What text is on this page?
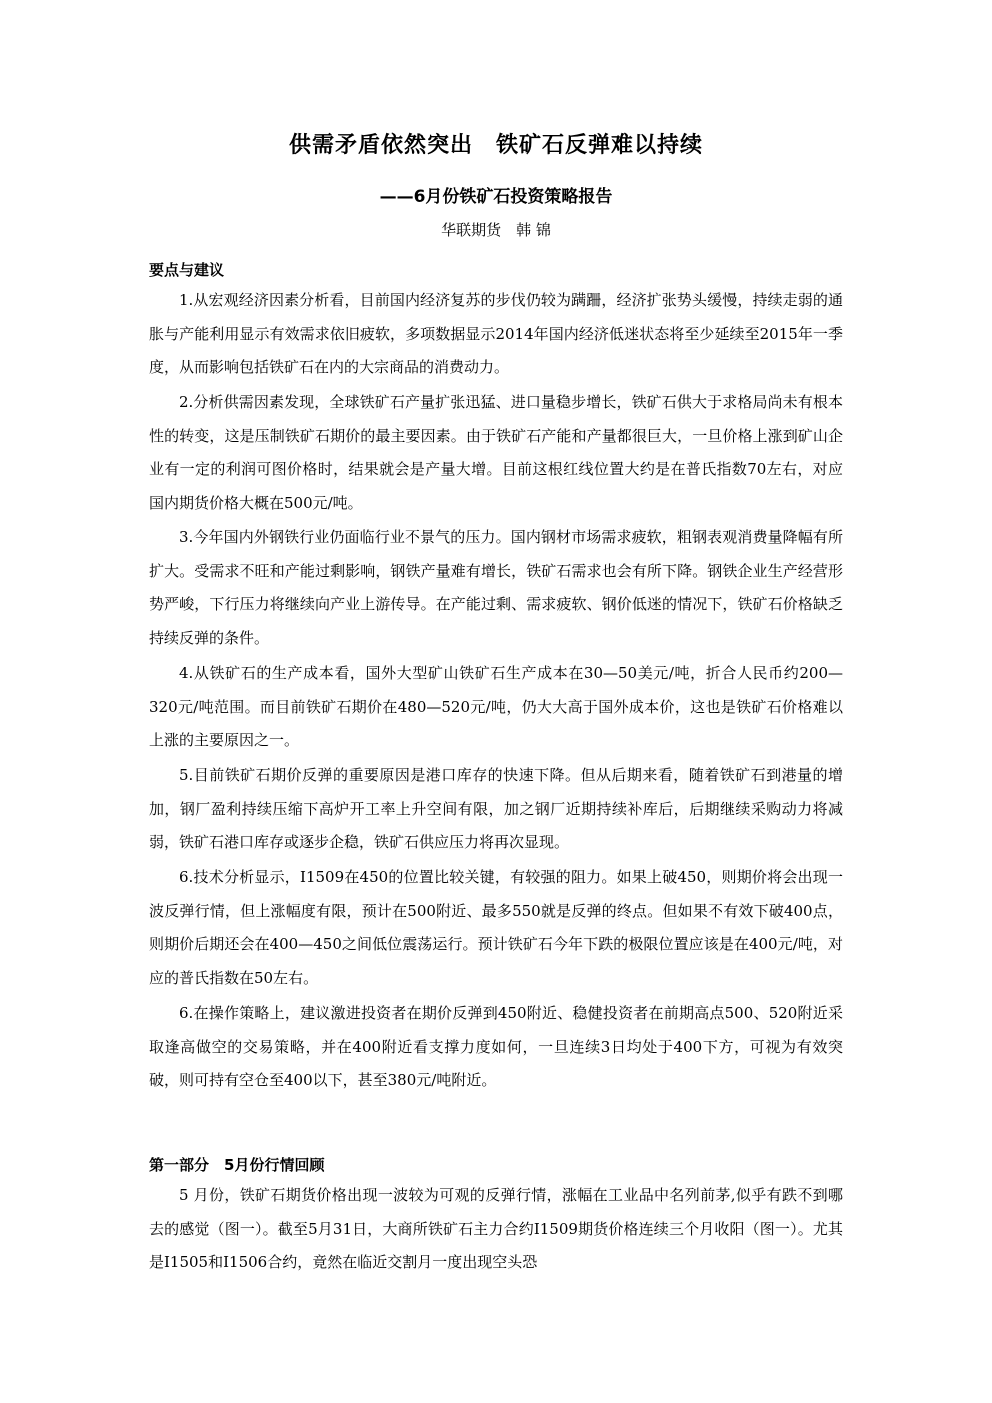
供需矛盾依然突出　铁矿石反弹难以持续
——6月份铁矿石投资策略报告
华联期货　韩 锦
要点与建议

1.从宏观经济因素分析看，目前国内经济复苏的步伐仍较为蹒跚，经济扩张势头缓慢，持续走弱的通胀与产能利用显示有效需求依旧疲软，多项数据显示2014年国内经济低迷状态将至少延续至2015年一季度，从而影响包括铁矿石在内的大宗商品的消费动力。

2.分析供需因素发现，全球铁矿石产量扩张迅猛、进口量稳步增长，铁矿石供大于求格局尚未有根本性的转变，这是压制铁矿石期价的最主要因素。由于铁矿石产能和产量都很巨大，一旦价格上涨到矿山企业有一定的利润可图价格时，结果就会是产量大增。目前这根红线位置大约是在普氏指数70左右，对应国内期货价格大概在500元/吨。

3.今年国内外钢铁行业仍面临行业不景气的压力。国内钢材市场需求疲软，粗钢表观消费量降幅有所扩大。受需求不旺和产能过剩影响，钢铁产量难有增长，铁矿石需求也会有所下降。钢铁企业生产经营形势严峻，下行压力将继续向产业上游传导。在产能过剩、需求疲软、钢价低迷的情况下，铁矿石价格缺乏持续反弹的条件。

4.从铁矿石的生产成本看，国外大型矿山铁矿石生产成本在30—50美元/吨，折合人民币约200—320元/吨范围。而目前铁矿石期价在480—520元/吨，仍大大高于国外成本价，这也是铁矿石价格难以上涨的主要原因之一。

5.目前铁矿石期价反弹的重要原因是港口库存的快速下降。但从后期来看，随着铁矿石到港量的增加，钢厂盈利持续压缩下高炉开工率上升空间有限，加之钢厂近期持续补库后，后期继续采购动力将减弱，铁矿石港口库存或逐步企稳，铁矿石供应压力将再次显现。

6.技术分析显示，I1509在450的位置比较关键，有较强的阻力。如果上破450，则期价将会出现一波反弹行情，但上涨幅度有限，预计在500附近、最多550就是反弹的终点。但如果不有效下破400点，则期价后期还会在400—450之间低位震荡运行。预计铁矿石今年下跌的极限位置应该是在400元/吨，对应的普氏指数在50左右。

6.在操作策略上，建议激进投资者在期价反弹到450附近、稳健投资者在前期高点500、520附近采取逢高做空的交易策略，并在400附近看支撑力度如何，一旦连续3日均处于400下方，可视为有效突破，则可持有空仓至400以下，甚至380元/吨附近。

第一部分　5月份行情回顾

5 月份，铁矿石期货价格出现一波较为可观的反弹行情，涨幅在工业品中名列前茅,似乎有跌不到哪去的感觉（图一）。截至5月31日，大商所铁矿石主力合约I1509期货价格连续三个月收阳（图一）。尤其是I1505和I1506合约，竟然在临近交割月一度出现空头恐
